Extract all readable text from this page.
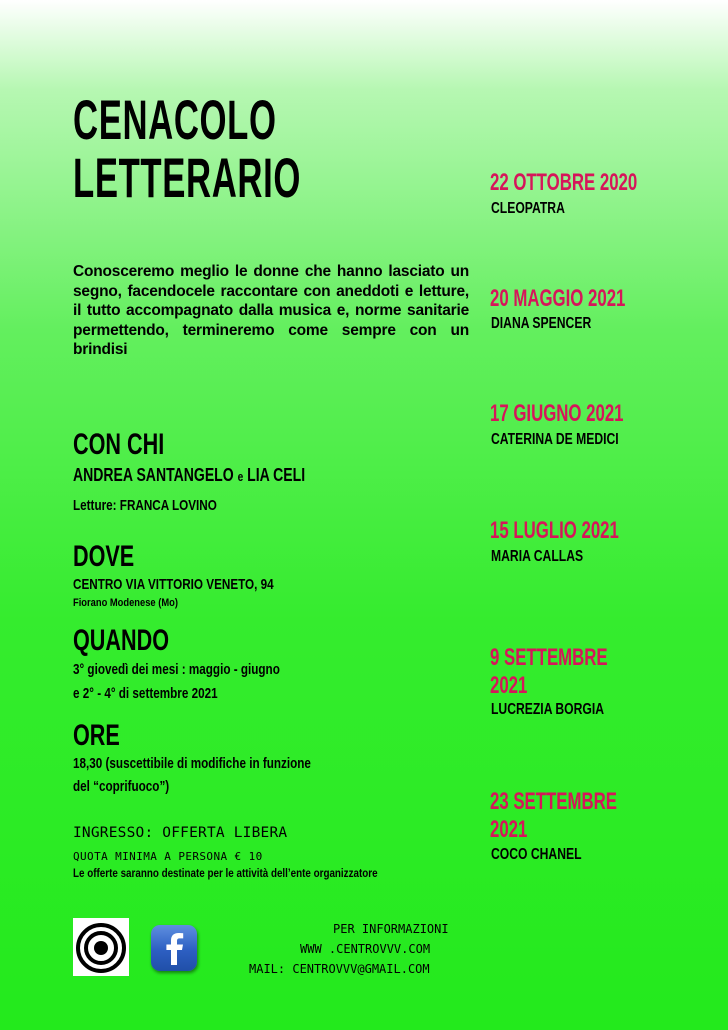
CENACOLO
LETTERARIO
Conosceremo meglio le donne che hanno lasciato un segno, facendocele raccontare con aneddoti e letture, il tutto accompagnato dalla musica e, norme sanitarie permettendo, termineremo come sempre con un brindisi
CON CHI
ANDREA SANTANGELO e LIA CELI
Letture: FRANCA LOVINO
DOVE
CENTRO VIA VITTORIO VENETO, 94
Fiorano Modenese (Mo)
QUANDO
3° giovedì dei mesi : maggio - giugno
e 2° - 4° di settembre 2021
ORE
18,30 (suscettibile di modifiche in funzione
del “coprifuoco”)
INGRESSO: OFFERTA LIBERA
QUOTA MINIMA A PERSONA € 10
Le offerte saranno destinate per le attività dell’ente organizzatore
PER INFORMAZIONI
WWW .CENTROVVV.COM
MAIL: CENTROVVV@GMAIL.COM
22 OTTOBRE 2020
CLEOPATRA
20 MAGGIO 2021
DIANA SPENCER
17 GIUGNO 2021
CATERINA DE MEDICI
15 LUGLIO 2021
MARIA CALLAS
9 SETTEMBRE
2021
LUCREZIA BORGIA
23 SETTEMBRE
2021
COCO CHANEL
